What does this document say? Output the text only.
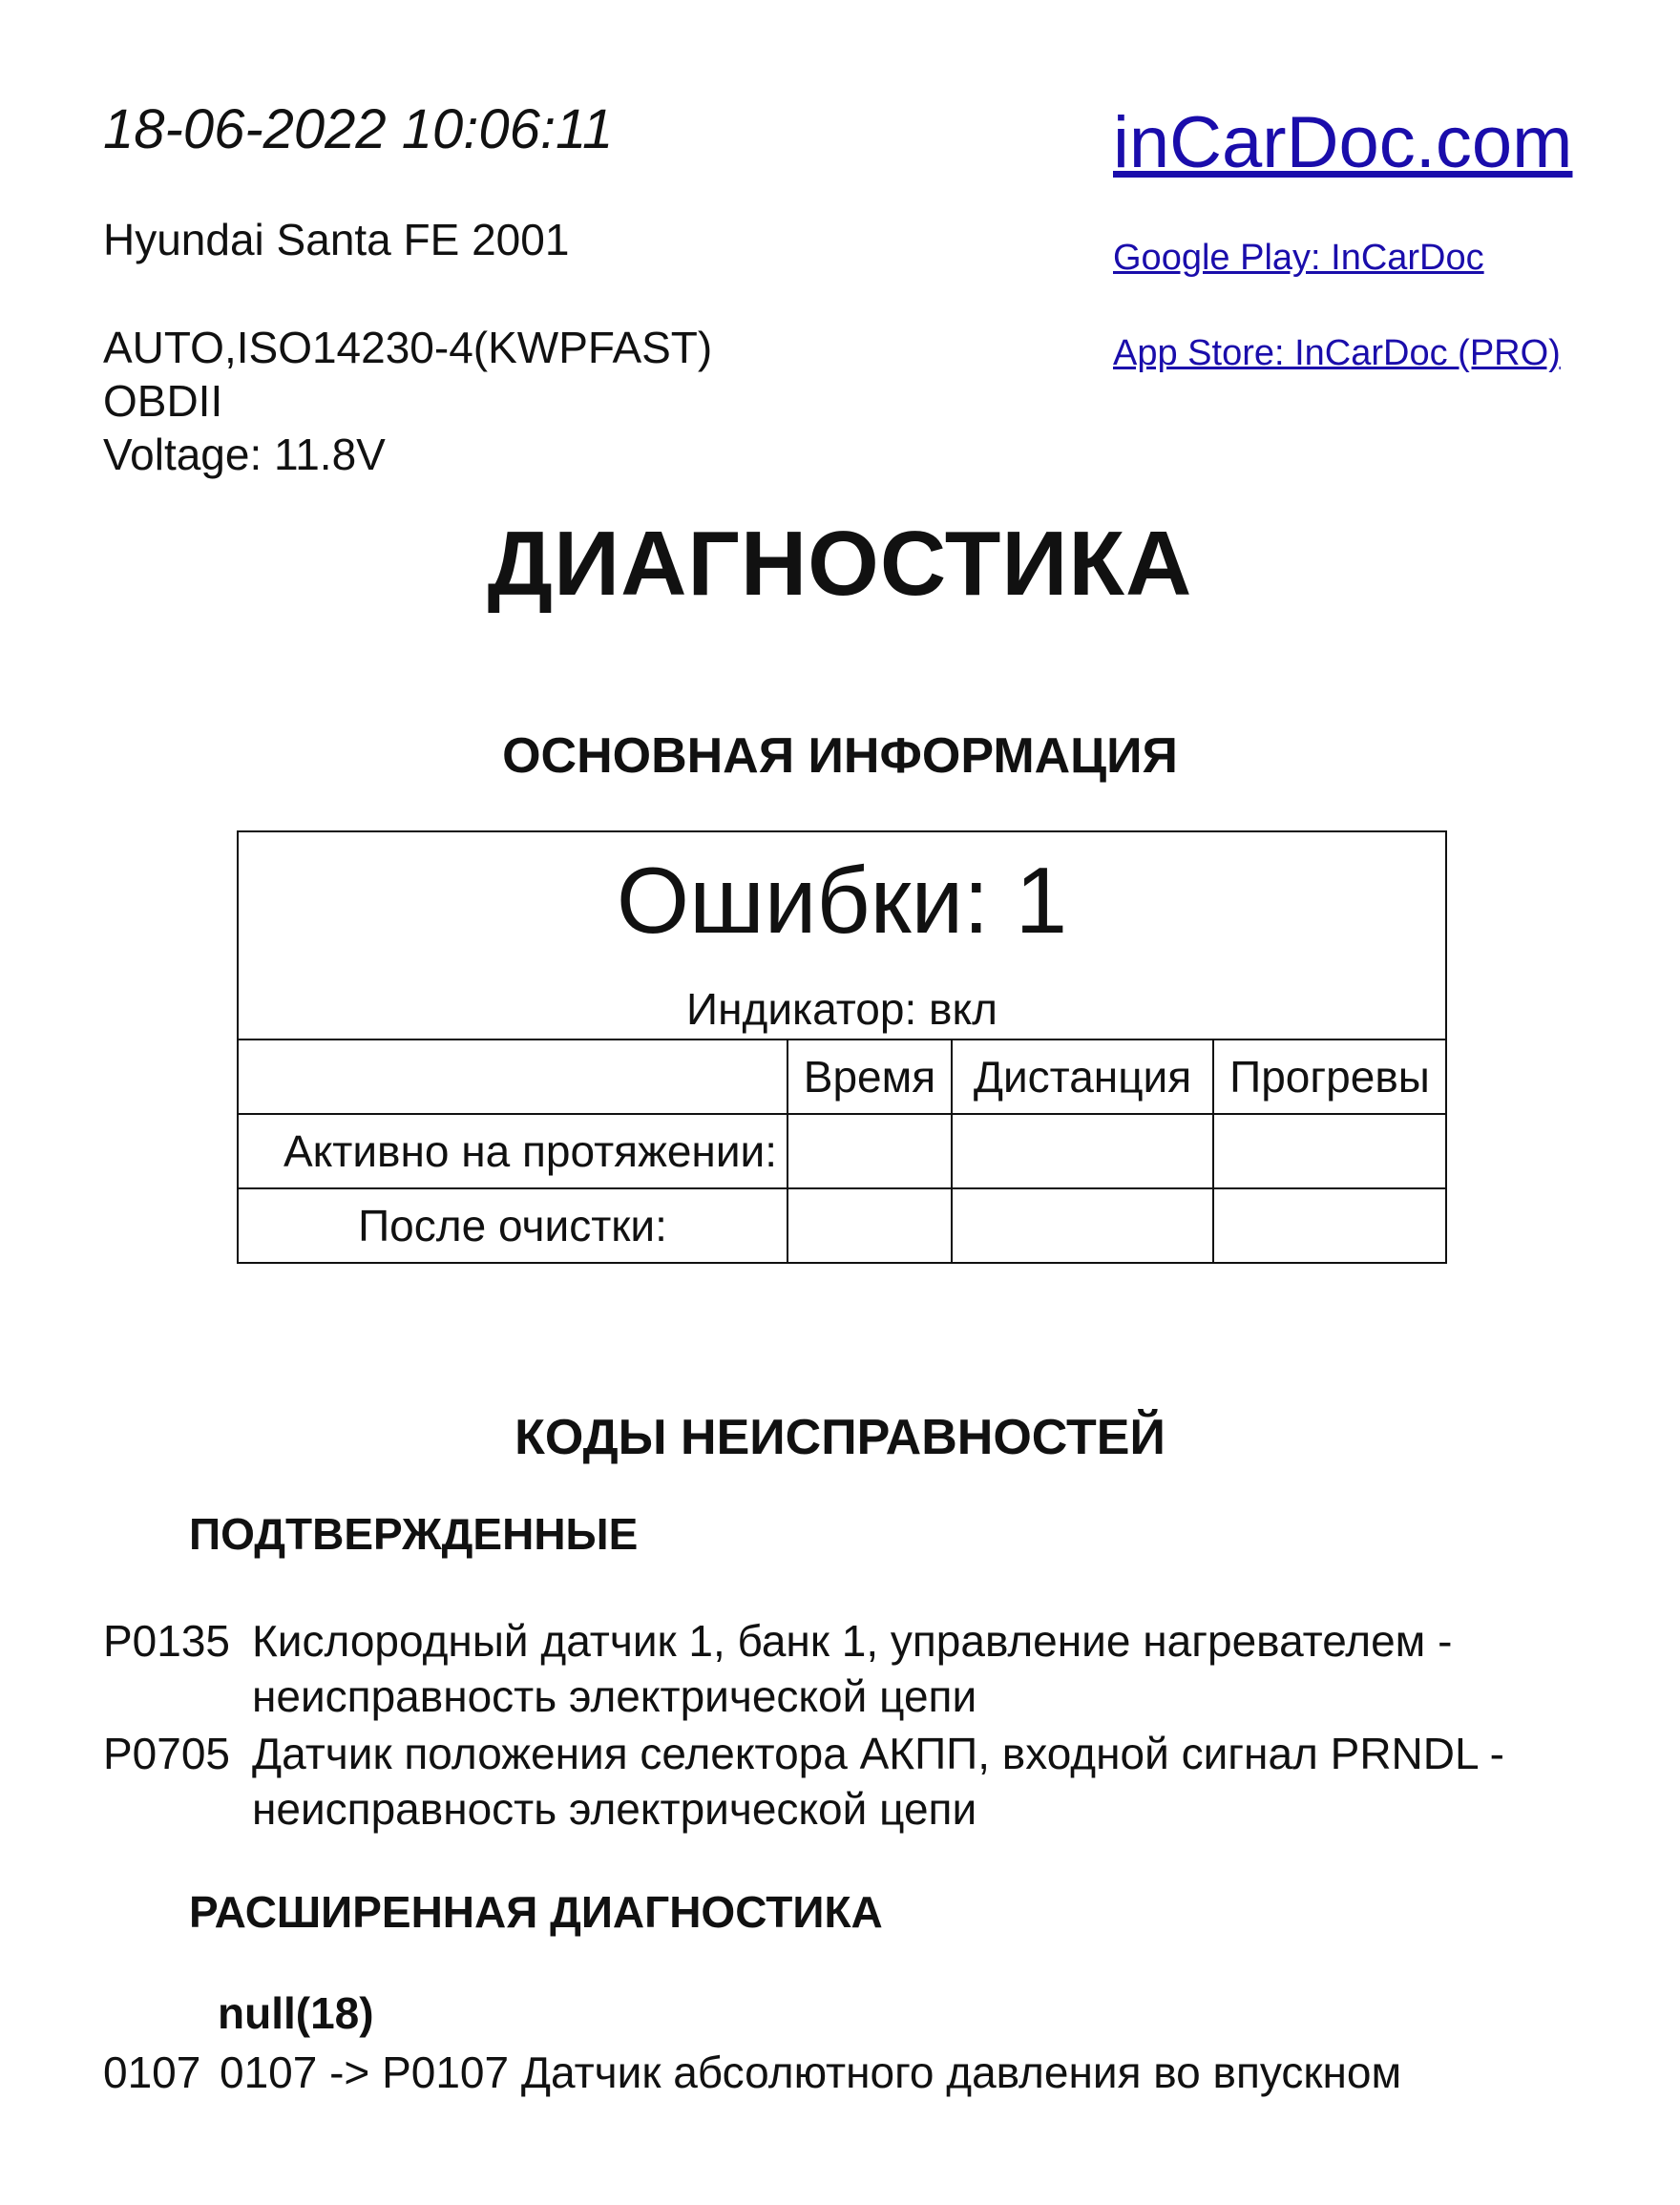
18-06-2022 10:06:11
Hyundai Santa FE 2001
AUTO,ISO14230-4(KWPFAST)
OBDII
Voltage: 11.8V
inCarDoc.com
Google Play: InCarDoc
App Store: InCarDoc (PRO)
ДИАГНОСТИКА
ОСНОВНАЯ ИНФОРМАЦИЯ
Ошибки: 1
Индикатор: вкл			

	Время	Дистанция	Прогревы
Активно на протяжении:			
После очистки:			
КОДЫ НЕИСПРАВНОСТЕЙ
ПОДТВЕРЖДЕННЫЕ
P0135 Кислородный датчик 1, банк 1, управление нагревателем -
неисправность электрической цепи
P0705 Датчик положения селектора АКПП, входной сигнал PRNDL -
неисправность электрической цепи
РАСШИРЕННАЯ ДИАГНОСТИКА
null(18)
0107 0107 -> P0107 Датчик абсолютного давления во впускном
